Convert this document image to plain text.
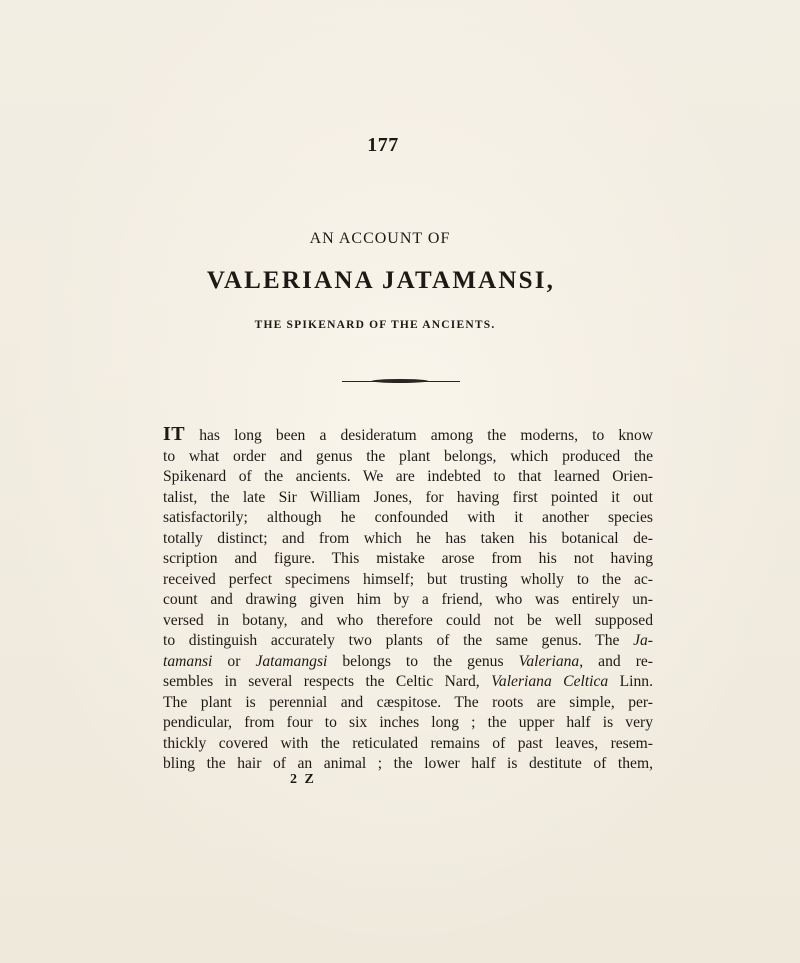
177
AN ACCOUNT OF
VALERIANA JATAMANSI,
THE SPIKENARD OF THE ANCIENTS.
IT has long been a desideratum among the moderns, to know
to what order and genus the plant belongs, which produced the
Spikenard of the ancients. We are indebted to that learned Orien-
talist, the late Sir William Jones, for having first pointed it out
satisfactorily; although he confounded with it another species
totally distinct; and from which he has taken his botanical de-
scription and figure. This mistake arose from his not having
received perfect specimens himself; but trusting wholly to the ac-
count and drawing given him by a friend, who was entirely un-
versed in botany, and who therefore could not be well supposed
to distinguish accurately two plants of the same genus. The Ja-
tamansi or Jatamangsi belongs to the genus Valeriana, and re-
sembles in several respects the Celtic Nard, Valeriana Celtica Linn.
The plant is perennial and cæspitose. The roots are simple, per-
pendicular, from four to six inches long ; the upper half is very
thickly covered with the reticulated remains of past leaves, resem-
bling the hair of an animal ; the lower half is destitute of them,
2 Z
